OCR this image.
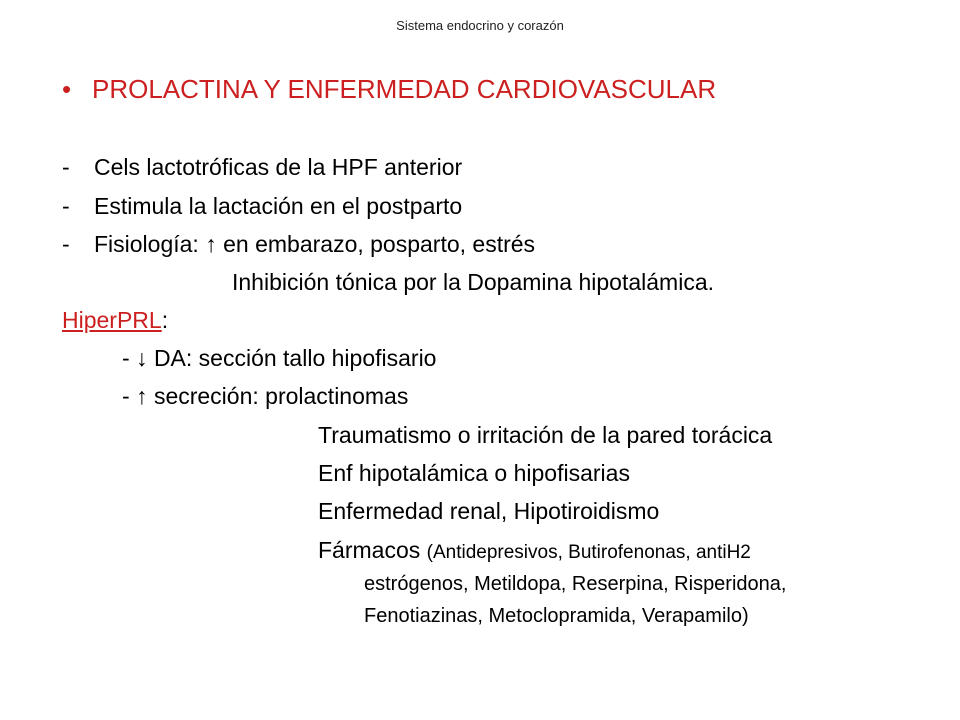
Sistema endocrino y corazón
• PROLACTINA Y ENFERMEDAD CARDIOVASCULAR
- Cels lactotróficas de la HPF anterior
- Estimula la lactación en el postparto
- Fisiología: ↑ en embarazo, posparto, estrés
Inhibición tónica por la Dopamina hipotalámica.
HiperPRL:
- ↓ DA: sección tallo hipofisario
- ↑ secreción: prolactinomas
Traumatismo o irritación de la pared torácica
Enf hipotalámica o hipofisarias
Enfermedad renal, Hipotiroidismo
Fármacos (Antidepresivos, Butirofenonas, antiH2
estrógenos, Metildopa, Reserpina, Risperidona,
Fenotiazinas, Metoclopramida, Verapamilo)
